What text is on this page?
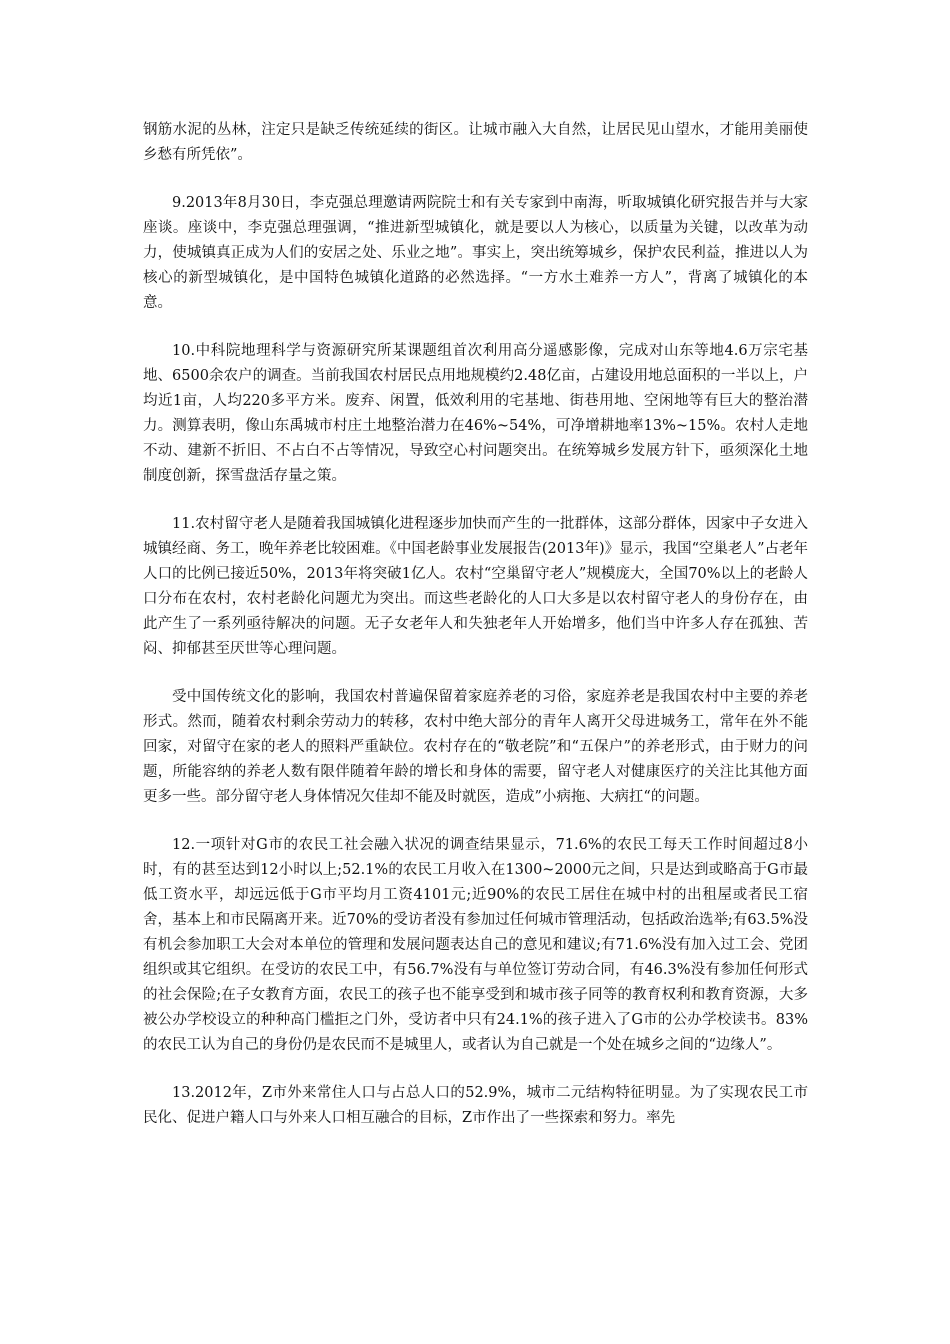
钢筋水泥的丛林，注定只是缺乏传统延续的街区。让城市融入大自然，让居民见山望水，才能用美丽使乡愁有所凭依”。

9.2013年8月30日，李克强总理邀请两院院士和有关专家到中南海，听取城镇化研究报告并与大家座谈。座谈中，李克强总理强调，“推进新型城镇化，就是要以人为核心，以质量为关键，以改革为动力，使城镇真正成为人们的安居之处、乐业之地”。事实上，突出统筹城乡，保护农民利益，推进以人为核心的新型城镇化，是中国特色城镇化道路的必然选择。“一方水土难养一方人”，背离了城镇化的本意。

10.中科院地理科学与资源研究所某课题组首次利用高分遥感影像，完成对山东等地4.6万宗宅基地、6500余农户的调查。当前我国农村居民点用地规模约2.48亿亩，占建设用地总面积的一半以上，户均近1亩，人均220多平方米。废弃、闲置，低效利用的宅基地、街巷用地、空闲地等有巨大的整治潜力。测算表明，像山东禹城市村庄土地整治潜力在46%~54%，可净增耕地率13%~15%。农村人走地不动、建新不折旧、不占白不占等情况，导致空心村问题突出。在统筹城乡发展方针下，亟须深化土地制度创新，探雪盘活存量之策。

11.农村留守老人是随着我国城镇化进程逐步加快而产生的一批群体，这部分群体，因家中子女进入城镇经商、务工，晚年养老比较困难。《中国老龄事业发展报告(2013年)》显示，我国“空巢老人”占老年人口的比例已接近50%，2013年将突破1亿人。农村“空巢留守老人”规模庞大，全国70%以上的老龄人口分布在农村，农村老龄化问题尤为突出。而这些老龄化的人口大多是以农村留守老人的身份存在，由此产生了一系列亟待解决的问题。无子女老年人和失独老年人开始增多，他们当中许多人存在孤独、苦闷、抑郁甚至厌世等心理问题。

受中国传统文化的影响，我国农村普遍保留着家庭养老的习俗，家庭养老是我国农村中主要的养老形式。然而，随着农村剩余劳动力的转移，农村中绝大部分的青年人离开父母进城务工，常年在外不能回家，对留守在家的老人的照料严重缺位。农村存在的“敬老院”和“五保户”的养老形式，由于财力的问题，所能容纳的养老人数有限伴随着年龄的增长和身体的需要，留守老人对健康医疗的关注比其他方面更多一些。部分留守老人身体情况欠佳却不能及时就医，造成”小病拖、大病扛“的问题。

12.一项针对G市的农民工社会融入状况的调查结果显示，71.6%的农民工每天工作时间超过8小时，有的甚至达到12小时以上;52.1%的农民工月收入在1300~2000元之间，只是达到或略高于G市最低工资水平，却远远低于G市平均月工资4101元;近90%的农民工居住在城中村的出租屋或者民工宿舍，基本上和市民隔离开来。近70%的受访者没有参加过任何城市管理活动，包括政治选举;有63.5%没有机会参加职工大会对本单位的管理和发展问题表达自己的意见和建议;有71.6%没有加入过工会、党团组织或其它组织。在受访的农民工中，有56.7%没有与单位签订劳动合同，有46.3%没有参加任何形式的社会保险;在子女教育方面，农民工的孩子也不能享受到和城市孩子同等的教育权利和教育资源，大多被公办学校设立的种种高门槛拒之门外，受访者中只有24.1%的孩子进入了G市的公办学校读书。83%的农民工认为自己的身份仍是农民而不是城里人，或者认为自己就是一个处在城乡之间的“边缘人”。

13.2012年，Z市外来常住人口与占总人口的52.9%，城市二元结构特征明显。为了实现农民工市民化、促进户籍人口与外来人口相互融合的目标，Z市作出了一些探索和努力。率先
